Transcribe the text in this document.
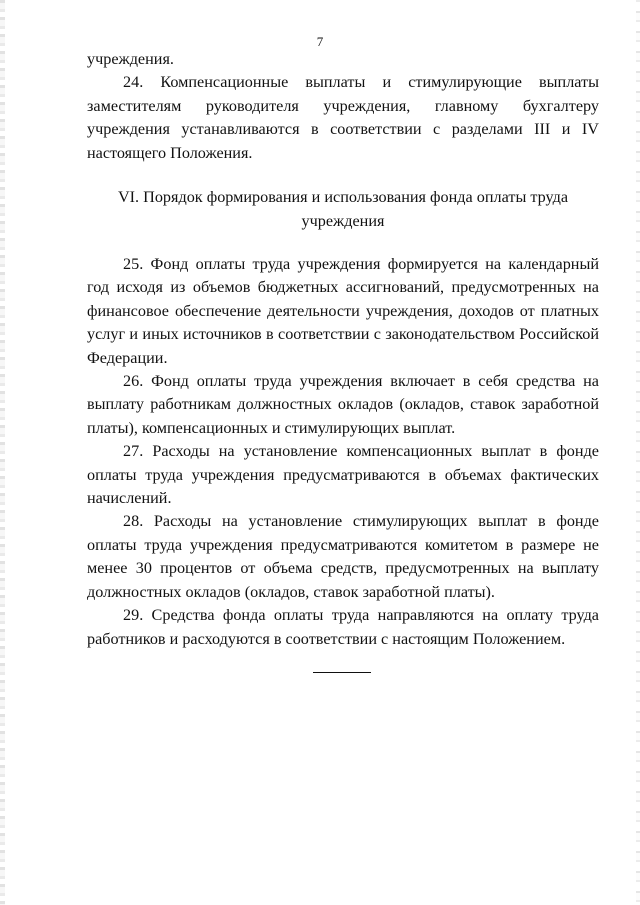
7

учреждения.

24. Компенсационные выплаты и стимулирующие выплаты заместителям руководителя учреждения, главному бухгалтеру учреждения устанавливаются в соответствии с разделами III и IV настоящего Положения.

VI. Порядок формирования и использования фонда оплаты труда
учреждения

25. Фонд оплаты труда учреждения формируется на календарный год исходя из объемов бюджетных ассигнований, предусмотренных на финансовое обеспечение деятельности учреждения, доходов от платных услуг и иных источников в соответствии с законодательством Российской Федерации.

26. Фонд оплаты труда учреждения включает в себя средства на выплату работникам должностных окладов (окладов, ставок заработной платы), компенсационных и стимулирующих выплат.

27. Расходы на установление компенсационных выплат в фонде оплаты труда учреждения предусматриваются в объемах фактических начислений.

28. Расходы на установление стимулирующих выплат в фонде оплаты труда учреждения предусматриваются комитетом в размере не менее 30 процентов от объема средств, предусмотренных на выплату должностных окладов (окладов, ставок заработной платы).

29. Средства фонда оплаты труда направляются на оплату труда работников и расходуются в соответствии с настоящим Положением.
